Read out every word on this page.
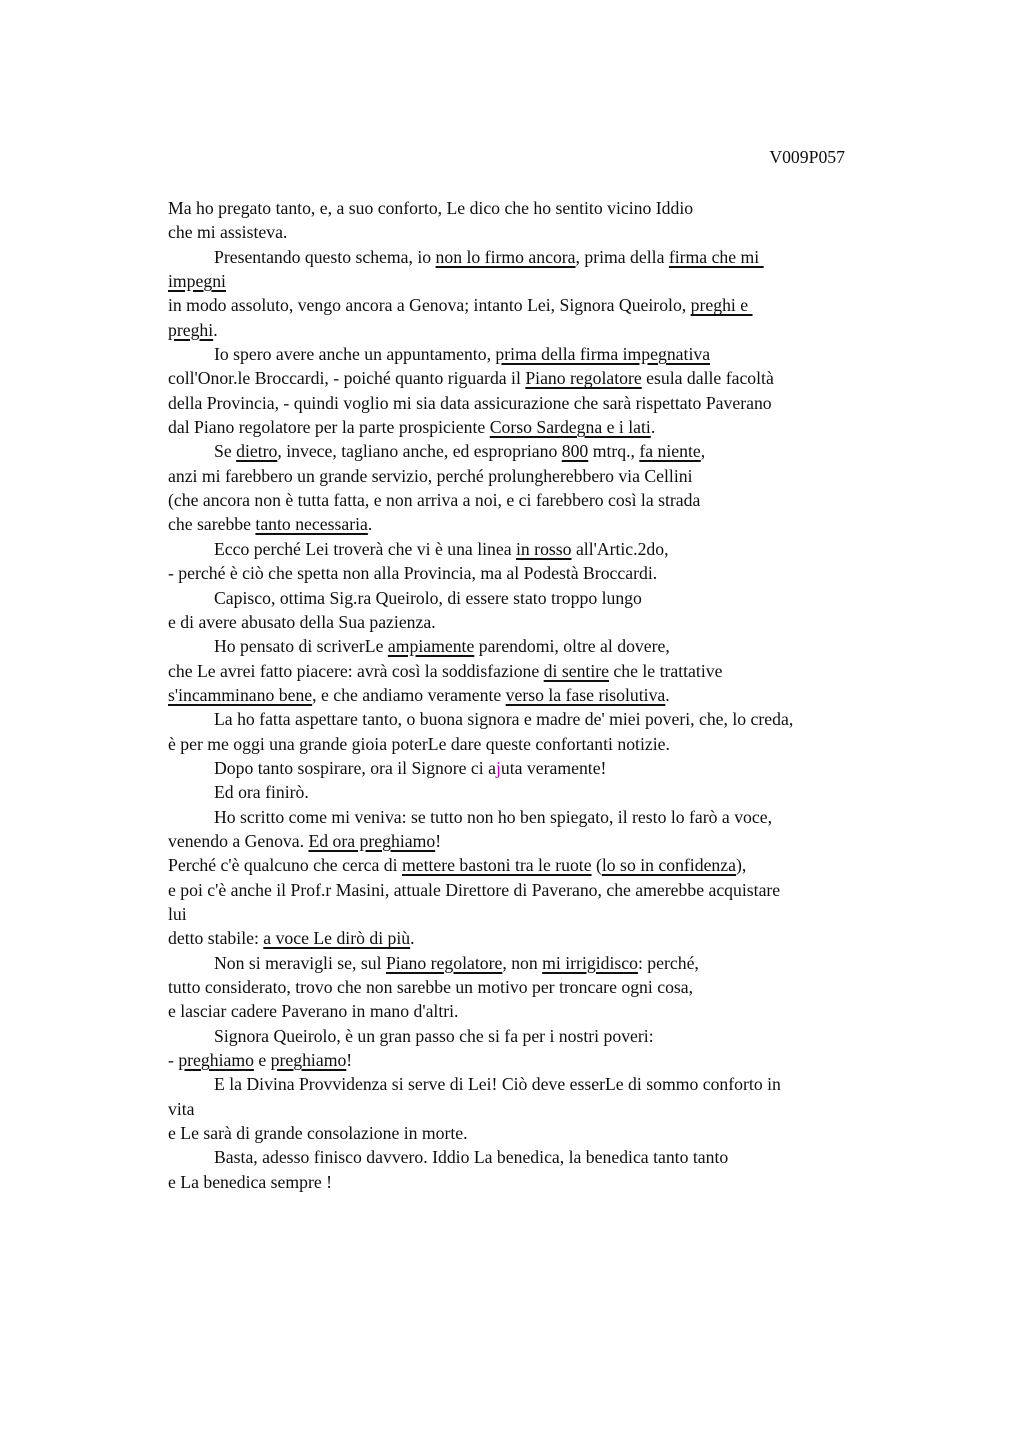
V009P057
Ma ho pregato tanto, e, a suo conforto, Le dico che ho sentito vicino Iddio
che mi assisteva.
Presentando questo schema, io non lo firmo ancora, prima della firma che mi
impegni
in modo assoluto, vengo ancora a Genova; intanto Lei, Signora Queirolo, preghi e
preghi.
Io spero avere anche un appuntamento, prima della firma impegnativa
coll'Onor.le Broccardi, - poiché quanto riguarda il Piano regolatore esula dalle facoltà
della Provincia, - quindi voglio mi sia data assicurazione che sarà rispettato Paverano
dal Piano regolatore per la parte prospiciente Corso Sardegna e i lati.
Se dietro, invece, tagliano anche, ed espropriano 800 mtrq., fa niente,
anzi mi farebbero un grande servizio, perché prolungherebbero via Cellini
(che ancora non è tutta fatta, e non arriva a noi, e ci farebbero così la strada
che sarebbe tanto necessaria.
Ecco perché Lei troverà che vi è una linea in rosso all'Artic.2do,
- perché è ciò che spetta non alla Provincia, ma al Podestà Broccardi.
Capisco, ottima Sig.ra Queirolo, di essere stato troppo lungo
e di avere abusato della Sua pazienza.
Ho pensato di scriverLe ampiamente parendomi, oltre al dovere,
che Le avrei fatto piacere: avrà così la soddisfazione di sentire che le trattative
s'incamminano bene, e che andiamo veramente verso la fase risolutiva.
La ho fatta aspettare tanto, o buona signora e madre de' miei poveri, che, lo creda,
è per me oggi una grande gioia poterLe dare queste confortanti notizie.
Dopo tanto sospirare, ora il Signore ci ajuta veramente!
Ed ora finirò.
Ho scritto come mi veniva: se tutto non ho ben spiegato, il resto lo farò a voce,
venendo a Genova. Ed ora preghiamo!
Perché c'è qualcuno che cerca di mettere bastoni tra le ruote (lo so in confidenza),
e poi c'è anche il Prof.r Masini, attuale Direttore di Paverano, che amerebbe acquistare
lui
detto stabile: a voce Le dirò di più.
Non si meravigli se, sul Piano regolatore, non mi irrigidisco: perché,
tutto considerato, trovo che non sarebbe un motivo per troncare ogni cosa,
e lasciar cadere Paverano in mano d'altri.
Signora Queirolo, è un gran passo che si fa per i nostri poveri:
- preghiamo e preghiamo!
E la Divina Provvidenza si serve di Lei! Ciò deve esserLe di sommo conforto in
vita
e Le sarà di grande consolazione in morte.
Basta, adesso finisco davvero. Iddio La benedica, la benedica tanto tanto
e La benedica sempre !
